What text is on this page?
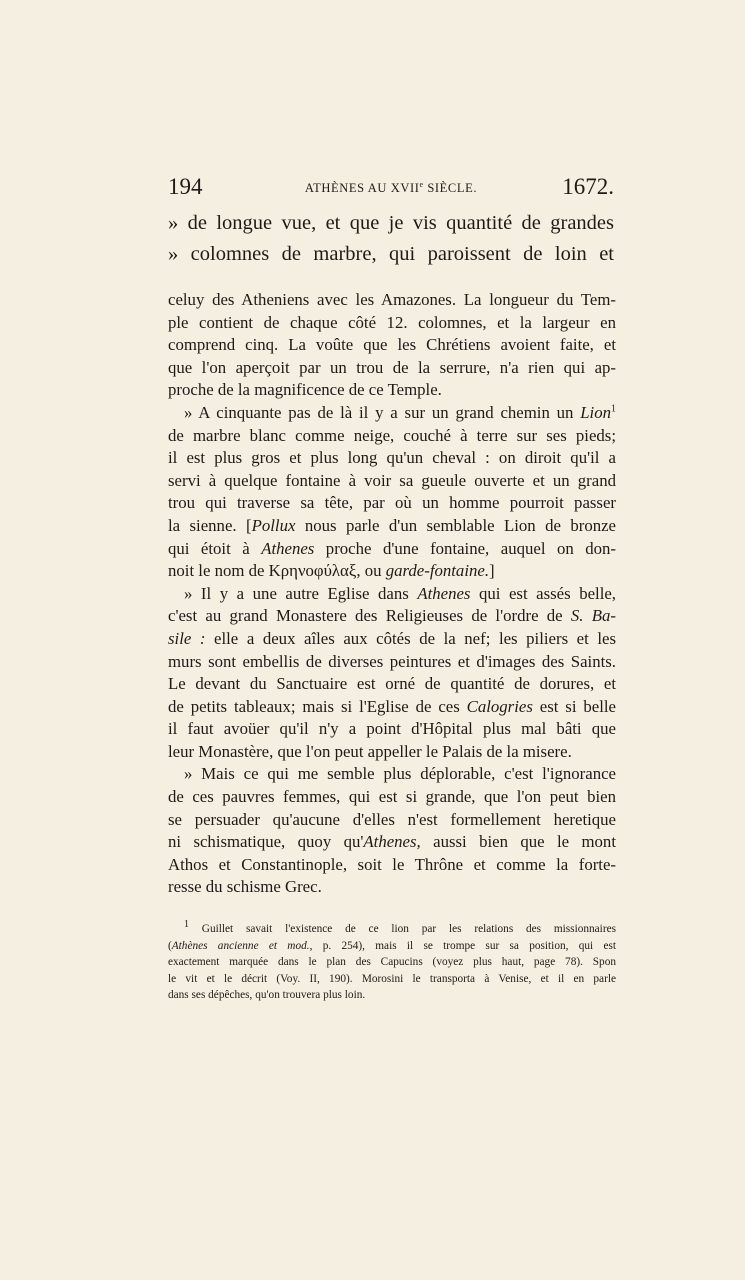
194	ATHÈNES AU XVIIe SIÈCLE.	1672.
» de longue vue, et que je vis quantité de grandes
» colomnes de marbre, qui paroissent de loin et
celuy des Atheniens avec les Amazones. La longueur du Tem-
ple contient de chaque côté 12. colomnes, et la largeur en
comprend cinq. La voûte que les Chrétiens avoient faite, et
que l'on aperçoit par un trou de la serrure, n'a rien qui ap-
proche de la magnificence de ce Temple.
» A cinquante pas de là il y a sur un grand chemin un Lion$^1$
de marbre blanc comme neige, couché à terre sur ses pieds;
il est plus gros et plus long qu'un cheval : on diroit qu'il a
servi à quelque fontaine à voir sa gueule ouverte et un grand
trou qui traverse sa tête, par où un homme pourroit passer
la sienne. [Pollux nous parle d'un semblable Lion de bronze
qui étoit à Athenes proche d'une fontaine, auquel on don-
noit le nom de Κρηνοφύλαξ, ou garde-fontaine.]
» Il y a une autre Eglise dans Athenes qui est assés belle,
c'est au grand Monastere des Religieuses de l'ordre de S. Ba-
sile : elle a deux aîles aux côtés de la nef; les piliers et les
murs sont embellis de diverses peintures et d'images des Saints.
Le devant du Sanctuaire est orné de quantité de dorures, et
de petits tableaux; mais si l'Eglise de ces Calogries est si belle
il faut avoüer qu'il n'y a point d'Hôpital plus mal bâti que
leur Monastère, que l'on peut appeller le Palais de la misere.
» Mais ce qui me semble plus déplorable, c'est l'ignorance
de ces pauvres femmes, qui est si grande, que l'on peut bien
se persuader qu'aucune d'elles n'est formellement heretique
ni schismatique, quoy qu'Athenes, aussi bien que le mont
Athos et Constantinople, soit le Thrône et comme la forte-
resse du schisme Grec.
1 Guillet savait l'existence de ce lion par les relations des missionnaires
(Athènes ancienne et mod., p. 254), mais il se trompe sur sa position, qui est
exactement marquée dans le plan des Capucins (voyez plus haut, page 78). Spon
le vit et le décrit (Voy. II, 190). Morosini le transporta à Venise, et il en parle
dans ses dépêches, qu'on trouvera plus loin.
